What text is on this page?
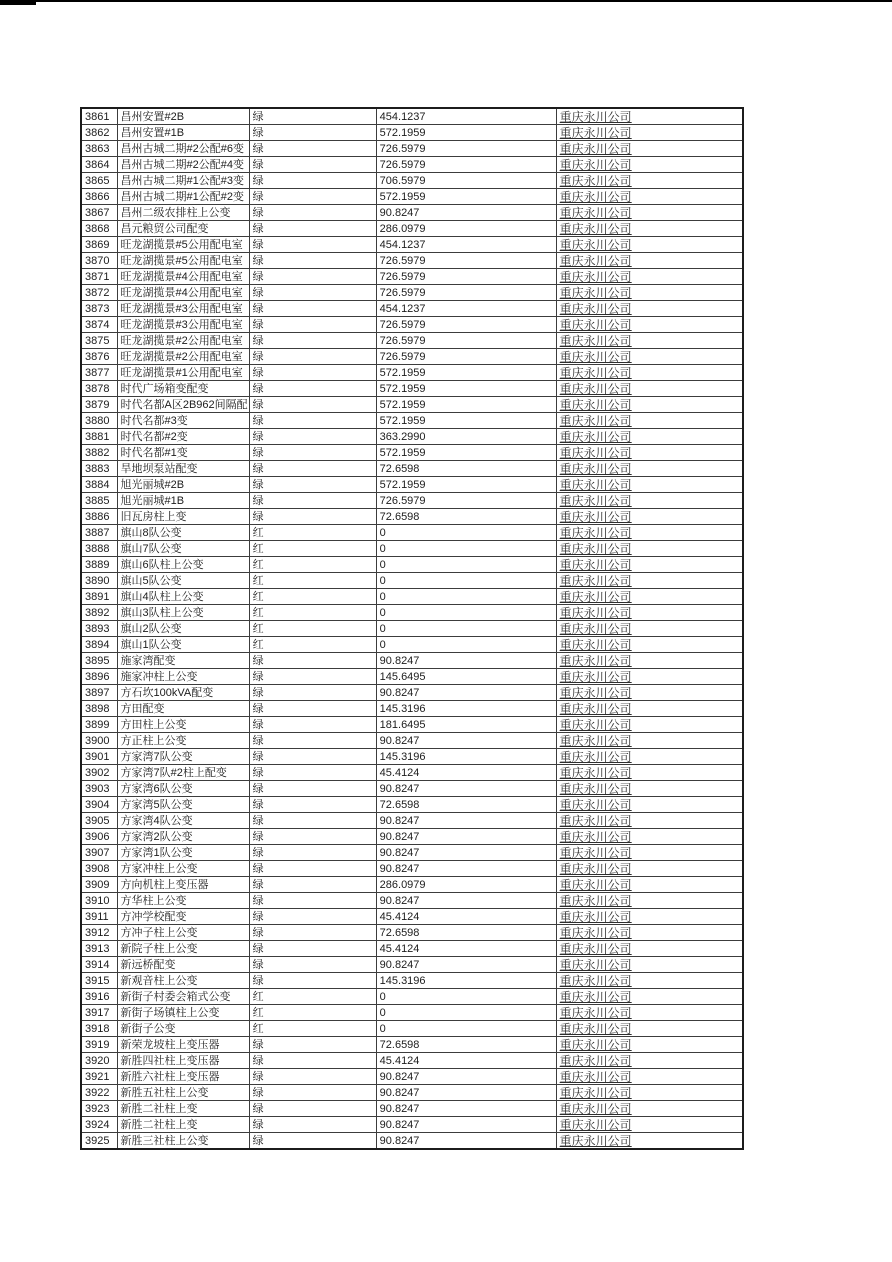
3861	昌州安置#2B	绿	454.1237	重庆永川公司
3862	昌州安置#1B	绿	572.1959	重庆永川公司
3863	昌州古城二期#2公配#6变	绿	726.5979	重庆永川公司
3864	昌州古城二期#2公配#4变	绿	726.5979	重庆永川公司
3865	昌州古城二期#1公配#3变	绿	706.5979	重庆永川公司
3866	昌州古城二期#1公配#2变	绿	572.1959	重庆永川公司
3867	昌州二级农排柱上公变	绿	90.8247	重庆永川公司
3868	昌元粮贸公司配变	绿	286.0979	重庆永川公司
3869	旺龙湖揽景#5公用配电室	绿	454.1237	重庆永川公司
3870	旺龙湖揽景#5公用配电室	绿	726.5979	重庆永川公司
3871	旺龙湖揽景#4公用配电室	绿	726.5979	重庆永川公司
3872	旺龙湖揽景#4公用配电室	绿	726.5979	重庆永川公司
3873	旺龙湖揽景#3公用配电室	绿	454.1237	重庆永川公司
3874	旺龙湖揽景#3公用配电室	绿	726.5979	重庆永川公司
3875	旺龙湖揽景#2公用配电室	绿	726.5979	重庆永川公司
3876	旺龙湖揽景#2公用配电室	绿	726.5979	重庆永川公司
3877	旺龙湖揽景#1公用配电室	绿	572.1959	重庆永川公司
3878	时代广场箱变配变	绿	572.1959	重庆永川公司
3879	时代名都A区2B962间隔配	绿	572.1959	重庆永川公司
3880	时代名都#3变	绿	572.1959	重庆永川公司
3881	时代名都#2变	绿	363.2990	重庆永川公司
3882	时代名都#1变	绿	572.1959	重庆永川公司
3883	旱地坝泵站配变	绿	72.6598	重庆永川公司
3884	旭光丽城#2B	绿	572.1959	重庆永川公司
3885	旭光丽城#1B	绿	726.5979	重庆永川公司
3886	旧瓦房柱上变	绿	72.6598	重庆永川公司
3887	旗山8队公变	红	0	重庆永川公司
3888	旗山7队公变	红	0	重庆永川公司
3889	旗山6队柱上公变	红	0	重庆永川公司
3890	旗山5队公变	红	0	重庆永川公司
3891	旗山4队柱上公变	红	0	重庆永川公司
3892	旗山3队柱上公变	红	0	重庆永川公司
3893	旗山2队公变	红	0	重庆永川公司
3894	旗山1队公变	红	0	重庆永川公司
3895	施家湾配变	绿	90.8247	重庆永川公司
3896	施家冲柱上公变	绿	145.6495	重庆永川公司
3897	方石坎100kVA配变	绿	90.8247	重庆永川公司
3898	方田配变	绿	145.3196	重庆永川公司
3899	方田柱上公变	绿	181.6495	重庆永川公司
3900	方正柱上公变	绿	90.8247	重庆永川公司
3901	方家湾7队公变	绿	145.3196	重庆永川公司
3902	方家湾7队#2柱上配变	绿	45.4124	重庆永川公司
3903	方家湾6队公变	绿	90.8247	重庆永川公司
3904	方家湾5队公变	绿	72.6598	重庆永川公司
3905	方家湾4队公变	绿	90.8247	重庆永川公司
3906	方家湾2队公变	绿	90.8247	重庆永川公司
3907	方家湾1队公变	绿	90.8247	重庆永川公司
3908	方家冲柱上公变	绿	90.8247	重庆永川公司
3909	方向机柱上变压器	绿	286.0979	重庆永川公司
3910	方华柱上公变	绿	90.8247	重庆永川公司
3911	方冲学校配变	绿	45.4124	重庆永川公司
3912	方冲子柱上公变	绿	72.6598	重庆永川公司
3913	新院子柱上公变	绿	45.4124	重庆永川公司
3914	新远桥配变	绿	90.8247	重庆永川公司
3915	新观音柱上公变	绿	145.3196	重庆永川公司
3916	新街子村委会箱式公变	红	0	重庆永川公司
3917	新街子场镇柱上公变	红	0	重庆永川公司
3918	新街子公变	红	0	重庆永川公司
3919	新荣龙坡柱上变压器	绿	72.6598	重庆永川公司
3920	新胜四社柱上变压器	绿	45.4124	重庆永川公司
3921	新胜六社柱上变压器	绿	90.8247	重庆永川公司
3922	新胜五社柱上公变	绿	90.8247	重庆永川公司
3923	新胜二社柱上变	绿	90.8247	重庆永川公司
3924	新胜二社柱上变	绿	90.8247	重庆永川公司
3925	新胜三社柱上公变	绿	90.8247	重庆永川公司
